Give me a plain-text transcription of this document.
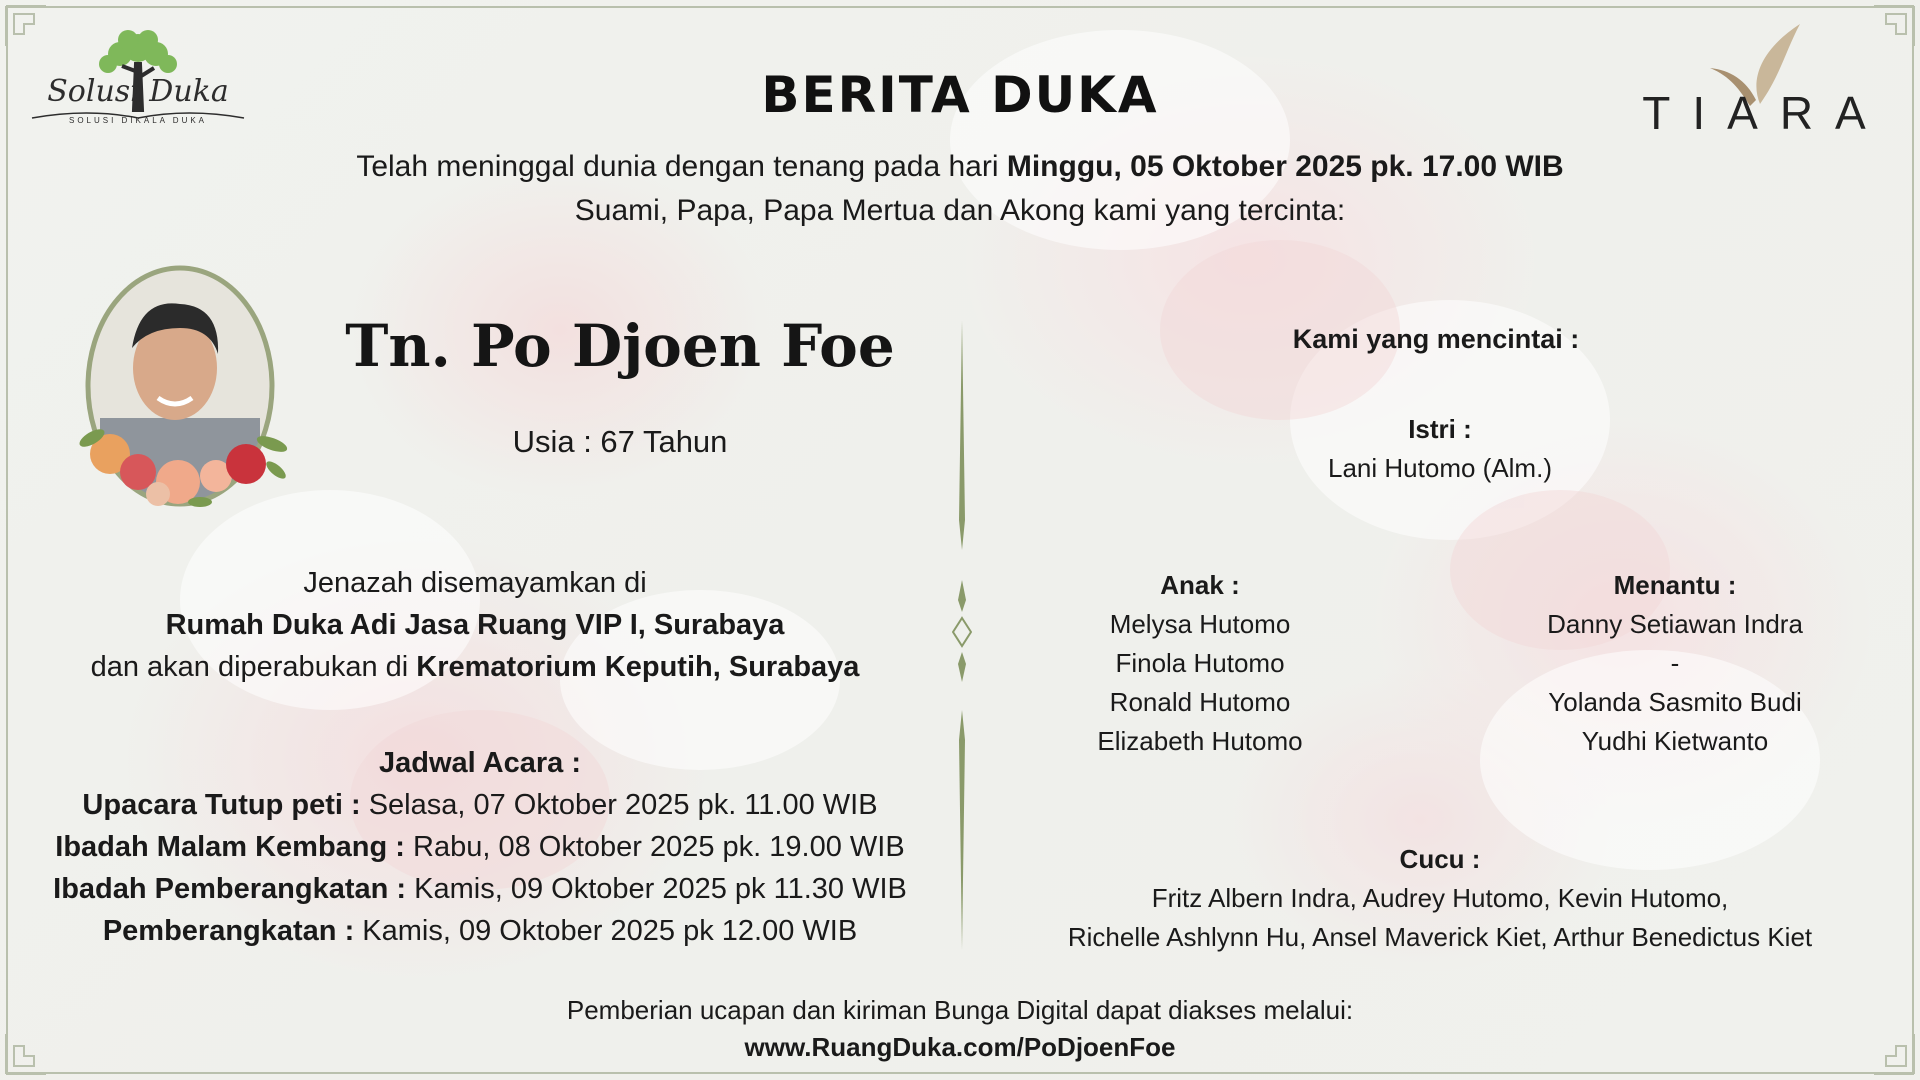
Solusi Duka
SOLUSI DIKALA DUKA	TIARA
BERITA DUKA
Telah meninggal dunia dengan tenang pada hari Minggu, 05 Oktober 2025 pk. 17.00 WIB
Suami, Papa, Papa Mertua dan Akong kami yang tercinta:
Tn. Po Djoen Foe
Usia : 67 Tahun
Jenazah disemayamkan di
Rumah Duka Adi Jasa Ruang VIP I, Surabaya
dan akan diperabukan di Krematorium Keputih, Surabaya
Jadwal Acara :
Upacara Tutup peti : Selasa, 07 Oktober 2025 pk. 11.00 WIB
Ibadah Malam Kembang : Rabu, 08 Oktober 2025 pk. 19.00 WIB
Ibadah Pemberangkatan : Kamis, 09 Oktober 2025 pk 11.30 WIB
Pemberangkatan : Kamis, 09 Oktober 2025 pk 12.00 WIB
Kami yang mencintai :
Istri :
Lani Hutomo (Alm.)
Anak :
Melysa Hutomo
Finola Hutomo
Ronald Hutomo
Elizabeth Hutomo
Menantu :
Danny Setiawan Indra
-
Yolanda Sasmito Budi
Yudhi Kietwanto
Cucu :
Fritz Albern Indra, Audrey Hutomo, Kevin Hutomo,
Richelle Ashlynn Hu, Ansel Maverick Kiet, Arthur Benedictus Kiet
Pemberian ucapan dan kiriman Bunga Digital dapat diakses melalui:
www.RuangDuka.com/PoDjoenFoe
